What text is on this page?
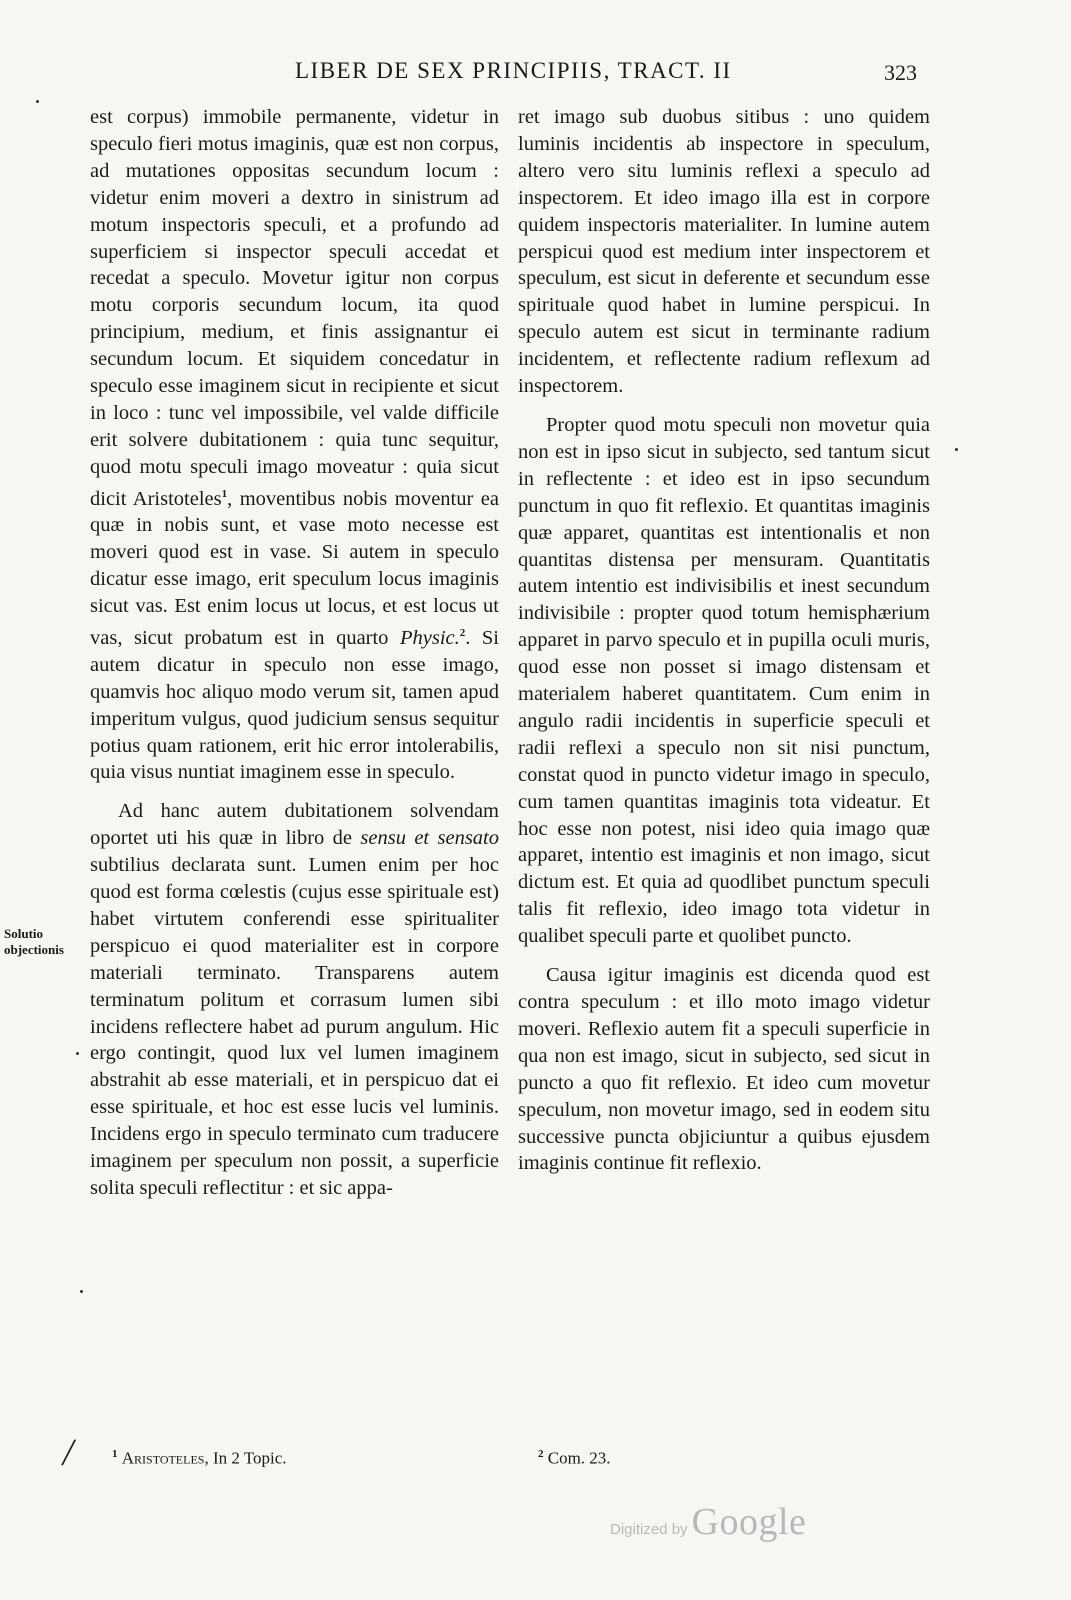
LIBER DE SEX PRINCIPIIS, TRACT. II	323
Solutio objectionis

est corpus) immobile permanente, videtur in speculo fieri motus imaginis, quæ est non corpus, ad mutationes oppositas secundum locum : videtur enim moveri a dextro in sinistrum ad motum inspectoris speculi, et a profundo ad superficiem si inspector speculi accedat et recedat a speculo. Movetur igitur non corpus motu corporis secundum locum, ita quod principium, medium, et finis assignantur ei secundum locum. Et siquidem concedatur in speculo esse imaginem sicut in recipiente et sicut in loco : tunc vel impossibile, vel valde difficile erit solvere dubitationem : quia tunc sequitur, quod motu speculi imago moveatur : quia sicut dicit Aristoteles$^1$, moventibus nobis moventur ea quæ in nobis sunt, et vase moto necesse est moveri quod est in vase. Si autem in speculo dicatur esse imago, erit speculum locus imaginis sicut vas. Est enim locus ut locus, et est locus ut vas, sicut probatum est in quarto Physic.$^2$. Si autem dicatur in speculo non esse imago, quamvis hoc aliquo modo verum sit, tamen apud imperitum vulgus, quod judicium sensus sequitur potius quam rationem, erit hic error intolerabilis, quia visus nuntiat imaginem esse in speculo.

Ad hanc autem dubitationem solvendam oportet uti his quæ in libro de sensu et sensato subtilius declarata sunt. Lumen enim per hoc quod est forma cœlestis (cujus esse spirituale est) habet virtutem conferendi esse spiritualiter perspicuo ei quod materialiter est in corpore materiali terminato. Transparens autem terminatum politum et corrasum lumen sibi incidens reflectere habet ad purum angulum. Hic ergo contingit, quod lux vel lumen imaginem abstrahit ab esse materiali, et in perspicuo dat ei esse spirituale, et hoc est esse lucis vel luminis. Incidens ergo in speculo terminato cum traducere imaginem per speculum non possit, a superficie solita speculi reflectitur : et sic appa-

ret imago sub duobus sitibus : uno quidem luminis incidentis ab inspectore in speculum, altero vero situ luminis reflexi a speculo ad inspectorem. Et ideo imago illa est in corpore quidem inspectoris materialiter. In lumine autem perspicui quod est medium inter inspectorem et speculum, est sicut in deferente et secundum esse spirituale quod habet in lumine perspicui. In speculo autem est sicut in terminante radium incidentem, et reflectente radium reflexum ad inspectorem.

Propter quod motu speculi non movetur quia non est in ipso sicut in subjecto, sed tantum sicut in reflectente : et ideo est in ipso secundum punctum in quo fit reflexio. Et quantitas imaginis quæ apparet, quantitas est intentionalis et non quantitas distensa per mensuram. Quantitatis autem intentio est indivisibilis et inest secundum indivisibile : propter quod totum hemisphærium apparet in parvo speculo et in pupilla oculi muris, quod esse non posset si imago distensam et materialem haberet quantitatem. Cum enim in angulo radii incidentis in superficie speculi et radii reflexi a speculo non sit nisi punctum, constat quod in puncto videtur imago in speculo, cum tamen quantitas imaginis tota videatur. Et hoc esse non potest, nisi ideo quia imago quæ apparet, intentio est imaginis et non imago, sicut dictum est. Et quia ad quodlibet punctum speculi talis fit reflexio, ideo imago tota videtur in qualibet speculi parte et quolibet puncto.

Causa igitur imaginis est dicenda quod est contra speculum : et illo moto imago videtur moveri. Reflexio autem fit a speculi superficie in qua non est imago, sicut in subjecto, sed sicut in puncto a quo fit reflexio. Et ideo cum movetur speculum, non movetur imago, sed in eodem situ successive puncta objiciuntur a quibus ejusdem imaginis continue fit reflexio.

$^1$ Aristoteles, In 2 Topic.	$^2$ Com. 23.
╱
Digitized by Google
